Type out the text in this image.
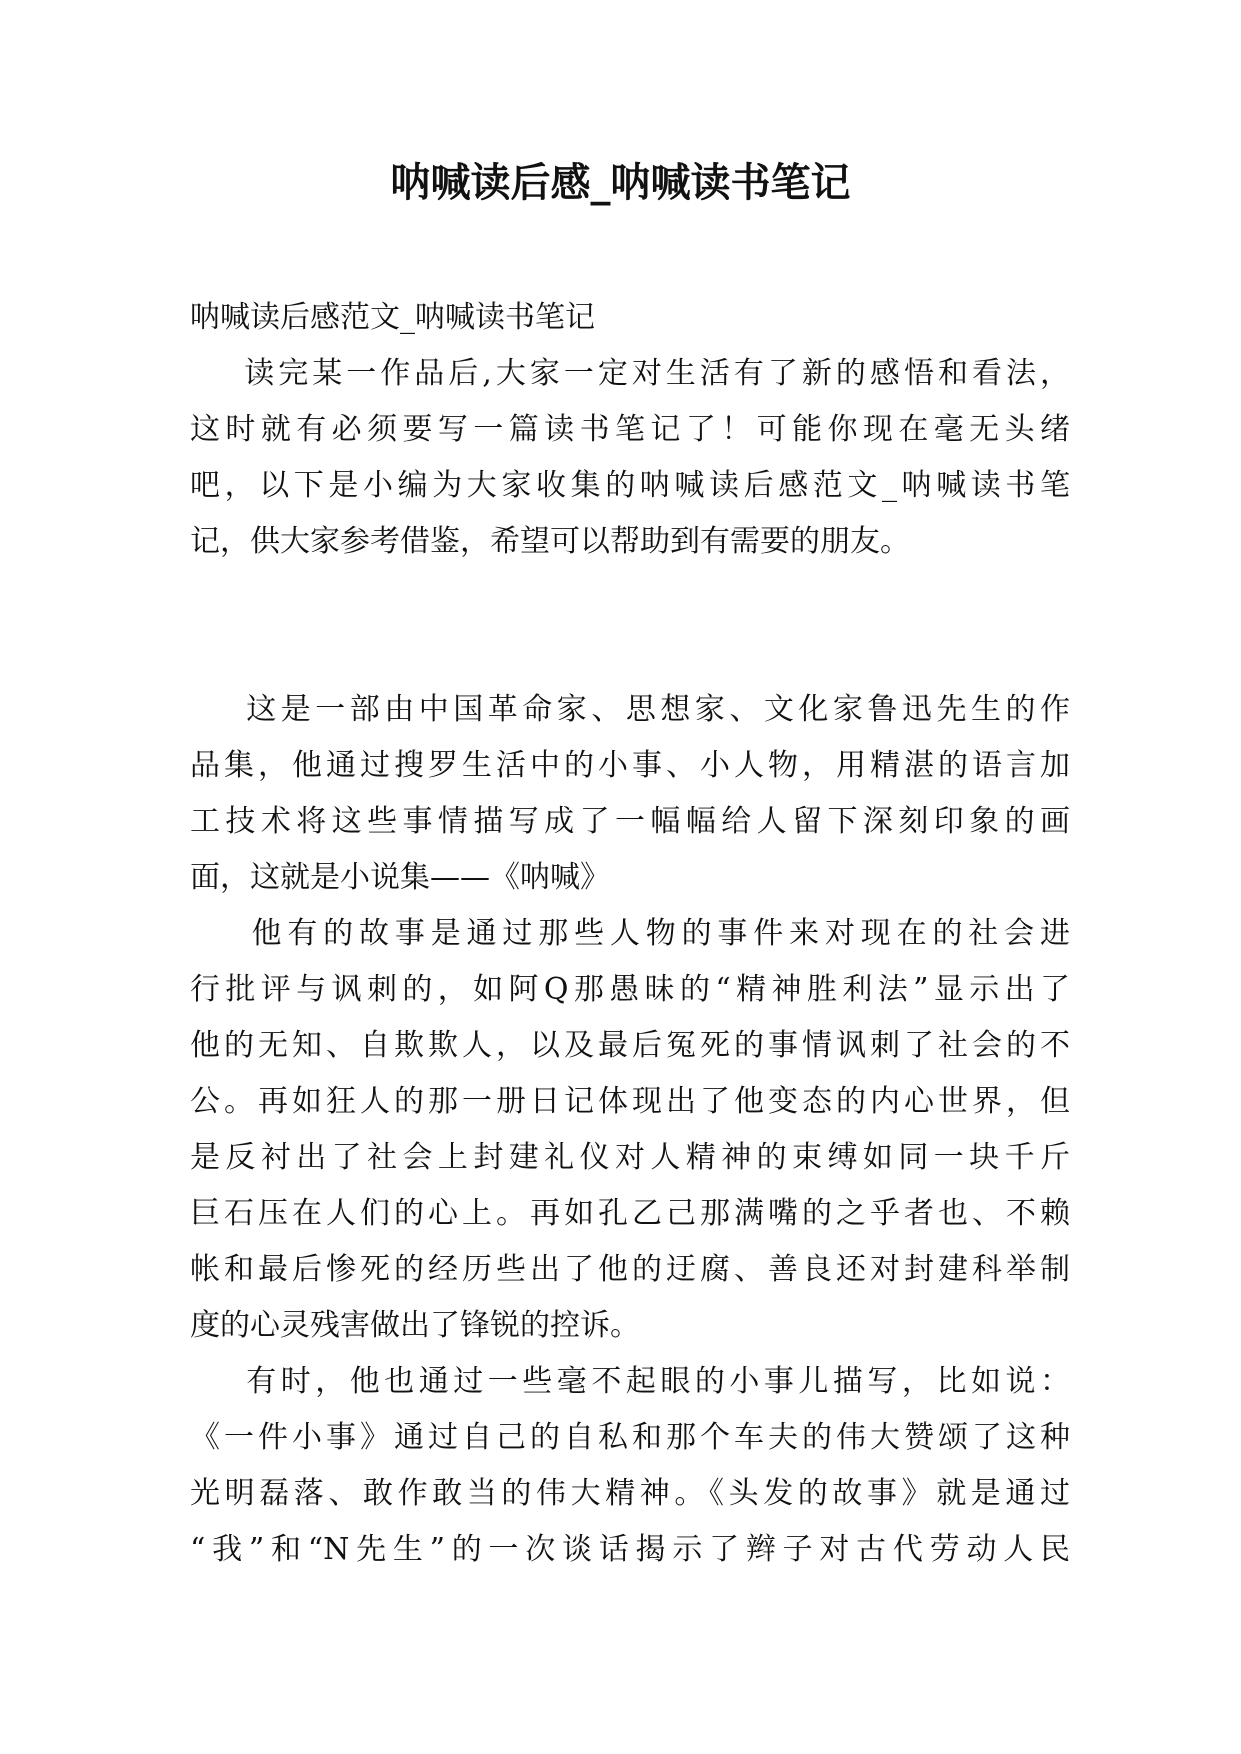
呐喊读后感_呐喊读书笔记
呐喊读后感范文_呐喊读书笔记
读完某一作品后,大家一定对生活有了新的感悟和看法，
这时就有必须要写一篇读书笔记了！可能你现在毫无头绪
吧，以下是小编为大家收集的呐喊读后感范文_呐喊读书笔
记，供大家参考借鉴，希望可以帮助到有需要的朋友。
这是一部由中国革命家、思想家、文化家鲁迅先生的作
品集，他通过搜罗生活中的小事、小人物，用精湛的语言加
工技术将这些事情描写成了一幅幅给人留下深刻印象的画
面，这就是小说集——《呐喊》
他有的故事是通过那些人物的事件来对现在的社会进
行批评与讽刺的，如阿Q那愚昧的“精神胜利法”显示出了
他的无知、自欺欺人，以及最后冤死的事情讽刺了社会的不
公。再如狂人的那一册日记体现出了他变态的内心世界，但
是反衬出了社会上封建礼仪对人精神的束缚如同一块千斤
巨石压在人们的心上。再如孔乙己那满嘴的之乎者也、不赖
帐和最后惨死的经历些出了他的迂腐、善良还对封建科举制
度的心灵残害做出了锋锐的控诉。
有时，他也通过一些毫不起眼的小事儿描写，比如说：
《一件小事》通过自己的自私和那个车夫的伟大赞颂了这种
光明磊落、敢作敢当的伟大精神。《头发的故事》就是通过
“我”和“N先生”的一次谈话揭示了辫子对古代劳动人民
